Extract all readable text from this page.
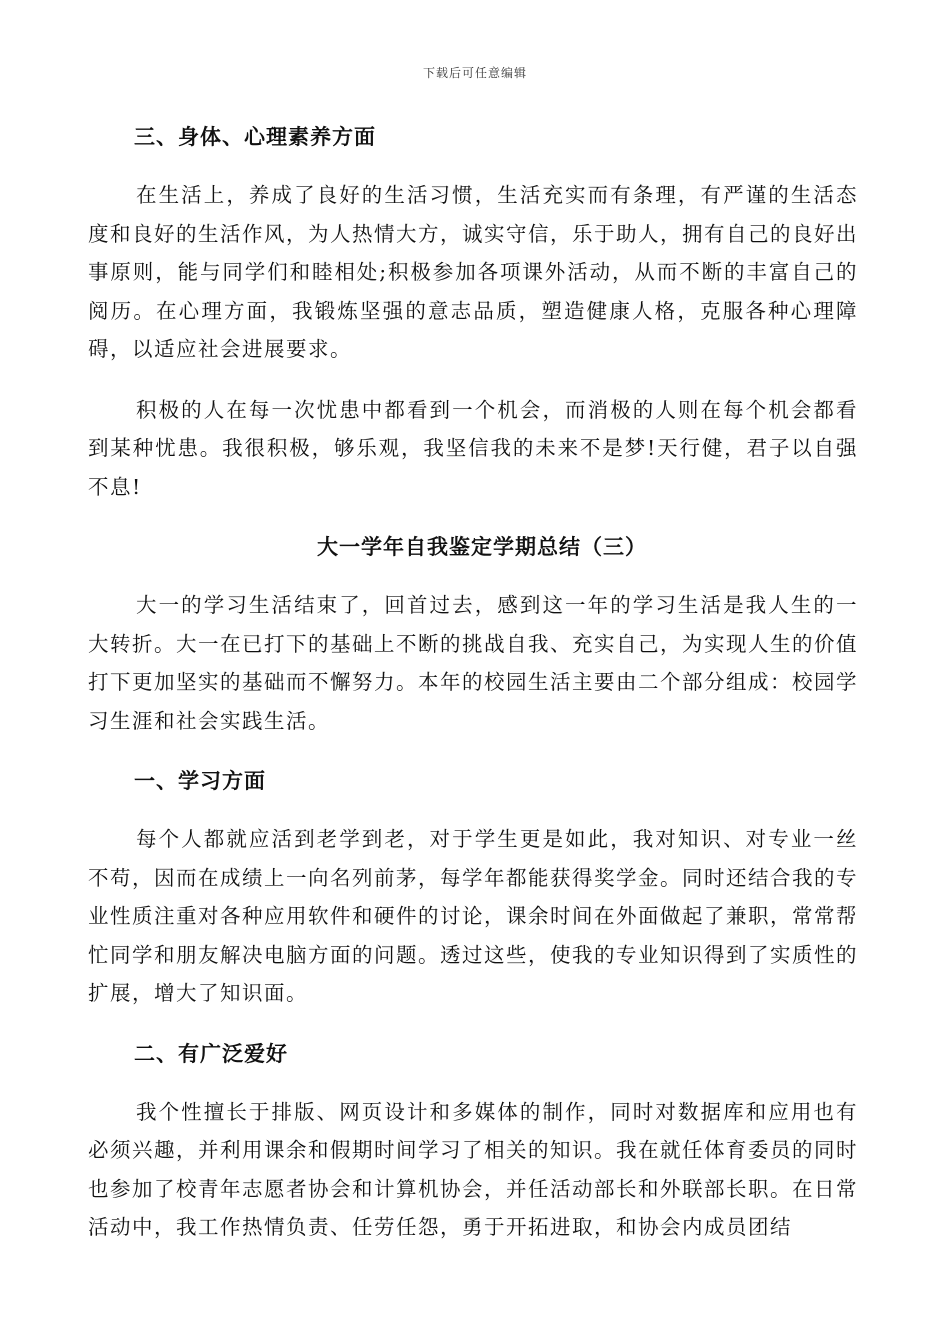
下载后可任意编辑

三、身体、心理素养方面

在生活上，养成了良好的生活习惯，生活充实而有条理，有严谨的生活态度和良好的生活作风，为人热情大方，诚实守信，乐于助人，拥有自己的良好出事原则，能与同学们和睦相处;积极参加各项课外活动，从而不断的丰富自己的阅历。在心理方面，我锻炼坚强的意志品质，塑造健康人格，克服各种心理障碍，以适应社会进展要求。

积极的人在每一次忧患中都看到一个机会，而消极的人则在每个机会都看到某种忧患。我很积极，够乐观，我坚信我的未来不是梦!天行健，君子以自强不息!

大一学年自我鉴定学期总结（三）

大一的学习生活结束了，回首过去，感到这一年的学习生活是我人生的一大转折。大一在已打下的基础上不断的挑战自我、充实自己，为实现人生的价值打下更加坚实的基础而不懈努力。本年的校园生活主要由二个部分组成：校园学习生涯和社会实践生活。

一、学习方面

每个人都就应活到老学到老，对于学生更是如此，我对知识、对专业一丝不苟，因而在成绩上一向名列前茅，每学年都能获得奖学金。同时还结合我的专业性质注重对各种应用软件和硬件的讨论，课余时间在外面做起了兼职，常常帮忙同学和朋友解决电脑方面的问题。透过这些，使我的专业知识得到了实质性的扩展，增大了知识面。

二、有广泛爱好

我个性擅长于排版、网页设计和多媒体的制作，同时对数据库和应用也有必须兴趣，并利用课余和假期时间学习了相关的知识。我在就任体育委员的同时也参加了校青年志愿者协会和计算机协会，并任活动部长和外联部长职。在日常活动中，我工作热情负责、任劳任怨，勇于开拓进取，和协会内成员团结
